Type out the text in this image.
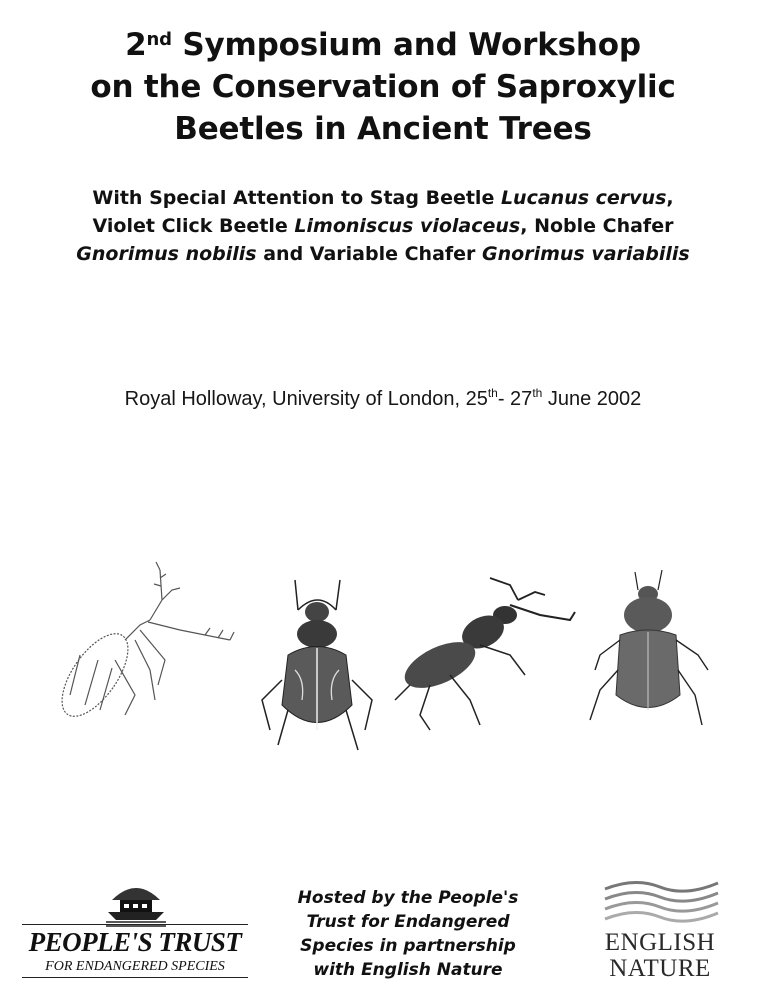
2nd Symposium and Workshop
on the Conservation of Saproxylic
Beetles in Ancient Trees
With Special Attention to Stag Beetle Lucanus cervus,
Violet Click Beetle Limoniscus violaceus, Noble Chafer
Gnorimus nobilis and Variable Chafer Gnorimus variabilis
Royal Holloway, University of London, 25th- 27th June 2002
PEOPLE'S TRUST
FOR ENDANGERED SPECIES
Hosted by the People's
Trust for Endangered
Species in partnership
with English Nature
ENGLISH
NATURE
